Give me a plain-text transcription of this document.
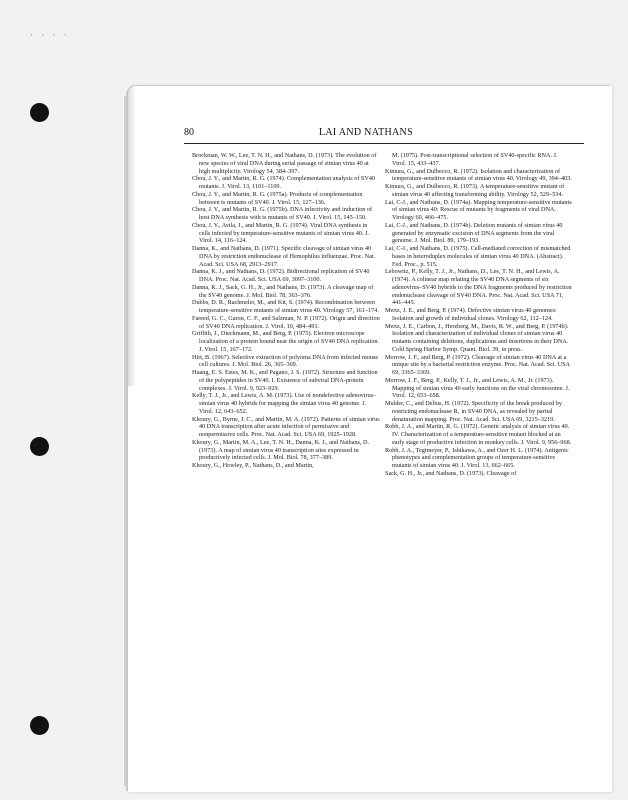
· · · ·
80	LAI AND NATHANS

Brockman, W. W., Lee, T. N. H., and Nathans, D. (1973). The evolution of new species of viral DNA during serial passage of simian virus 40 at high multiplicity. Virology 54, 384–397.

Chou, J. Y., and Martin, R. G. (1974). Complementation analysis of SV40 mutants. J. Virol. 13, 1101–1109.

Chou, J. Y., and Martin, R. G. (1975a). Products of complementation between ts mutants of SV40. J. Virol. 15, 127–136.

Chou, J. Y., and Martin, R. G. (1975b). DNA infectivity and induction of host DNA synthesis with ts mutants of SV40. J. Virol. 15, 145–150.

Chou, J. Y., Avila, J., and Martin, R. G. (1974). Viral DNA synthesis in cells infected by temperature-sensitive mutants of simian virus 40. J. Virol. 14, 116–124.

Danna, K., and Nathans, D. (1971). Specific cleavage of simian virus 40 DNA by restriction endonuclease of Hemophilus influenzae. Proc. Nat. Acad. Sci. USA 68, 2913–2917.

Danna, K. J., and Nathans, D. (1972). Bidirectional replication of SV40 DNA. Proc. Nat. Acad. Sci. USA 69, 3097–3100.

Danna, K. J., Sack, G. H., Jr., and Nathans, D. (1973). A cleavage map of the SV40 genome. J. Mol. Biol. 78, 363–376.

Dubbs, D. R., Rachmeler, M., and Kit, S. (1974). Recombination between temperature-sensitive mutants of simian virus 40. Virology 57, 161–174.

Fareed, G. C., Garon, C. F., and Salzman, N. P. (1972). Origin and direction of SV40 DNA replication. J. Virol. 10, 484–491.

Griffith, J., Dieckmann, M., and Berg, P. (1975). Electron microscope localization of a protein bound near the origin of SV40 DNA replication. J. Virol. 15, 167–172.

Hirt, B. (1967). Selective extraction of polyoma DNA from infected mouse cell cultures. J. Mol. Biol. 26, 365–369.

Huang, E. S. Estes, M. K., and Pagano, J. S. (1972). Structure and function of the polypeptides in SV40. I. Existence of subviral DNA-protein complexes. J. Virol. 9, 923–929.

Kelly, T. J., Jr., and Lewis, A. M. (1973). Use of nondefective adenovirus–simian virus 40 hybrids for mapping the simian virus 40 genome. J. Virol. 12, 643–652.

Khoury, G., Byrne, J. C., and Martin, M. A. (1972). Patterns of simian virus 40 DNA transcription after acute infection of permissive and nonpermissive cells. Proc. Nat. Acad. Sci. USA 69, 1925–1928.

Khoury, G., Martin, M. A., Lee, T. N. H., Danna, K. J., and Nathans, D. (1973). A map of simian virus 40 transcription sites expressed in productively infected cells. J. Mol. Biol. 78, 377–389.

Khoury, G., Howley, P., Nathans, D., and Martin,

M. (1975). Post-transcriptional selection of SV40-specific RNA. J. Virol. 15, 433–437.

Kimura, G., and Dulbecco, R. (1972). Isolation and characterization of temperature-sensitive mutants of simian virus 40. Virology 49, 394–403.

Kimura, G., and Dulbecco, R. (1973). A temperature-sensitive mutant of simian virus 40 affecting transforming ability. Virology 52, 529–534.

Lai, C-J., and Nathans, D. (1974a). Mapping temperature-sensitive mutants of simian virus 40: Rescue of mutants by fragments of viral DNA. Virology 60, 466–475.

Lai, C-J., and Nathans, D. (1974b). Deletion mutants of simian virus 40 generated by enzymatic excision of DNA segments from the viral genome. J. Mol. Biol. 89, 179–193.

Lai, C-J., and Nathans, D. (1975). Cell-mediated correction of mismatched bases in heteroduplex molecules of simian virus 40 DNA. (Abstract). Fed. Proc., p. 515.

Lebowitz, P., Kelly, T. J., Jr., Nathans, D., Lee, T. N. H., and Lewis, A. (1974). A colinear map relating the SV40 DNA segments of six adenovirus–SV40 hybrids to the DNA fragments produced by restriction endonuclease cleavage of SV40 DNA. Proc. Nat. Acad. Sci. USA 71, 441–445.

Mertz, J. E., and Berg, P. (1974). Defective simian virus 40 genomes: Isolation and growth of individual clones. Virology 62, 112–124.

Mertz, J. E., Carbon, J., Herzberg, M., Davis, R. W., and Berg, P. (1974b). Isolation and characterization of individual clones of simian virus 40 mutants containing deletions, duplications and insertions in their DNA. Cold Spring Harbor Symp. Quant. Biol. 39, in press.

Morrow, J. F., and Berg, P. (1972). Cleavage of simian virus 40 DNA at a unique site by a bacterial restriction enzyme. Proc. Nat. Acad. Sci. USA 69, 3365–3369.

Morrow, J. F., Berg, P., Kelly, T. J., Jr., and Lewis, A. M., Jr. (1973). Mapping of simian virus 40 early functions on the viral chromosome. J. Virol. 12, 653–658.

Mulder, C., and Delius, H. (1972). Specificity of the break produced by restricting endonuclease R₁ in SV40 DNA, as revealed by partial denaturation mapping. Proc. Nat. Acad. Sci. USA 69, 3215–3219.

Robb, J. A., and Martin, R. G. (1972). Genetic analysis of simian virus 40. IV. Characterization of a temperature-sensitive mutant blocked at an early stage of productive infection in monkey cells. J. Virol. 9, 956–968.

Robb, J. A., Tegtmeyer, P., Ishikawa, A., and Ozer H. L. (1974). Antigenic phenotypes and complementation groups of temperature-sensitive mutants of simian virus 40. J. Virol. 13, 662–665.

Sack, G. H., Jr., and Nathans, D. (1973). Cleavage of
